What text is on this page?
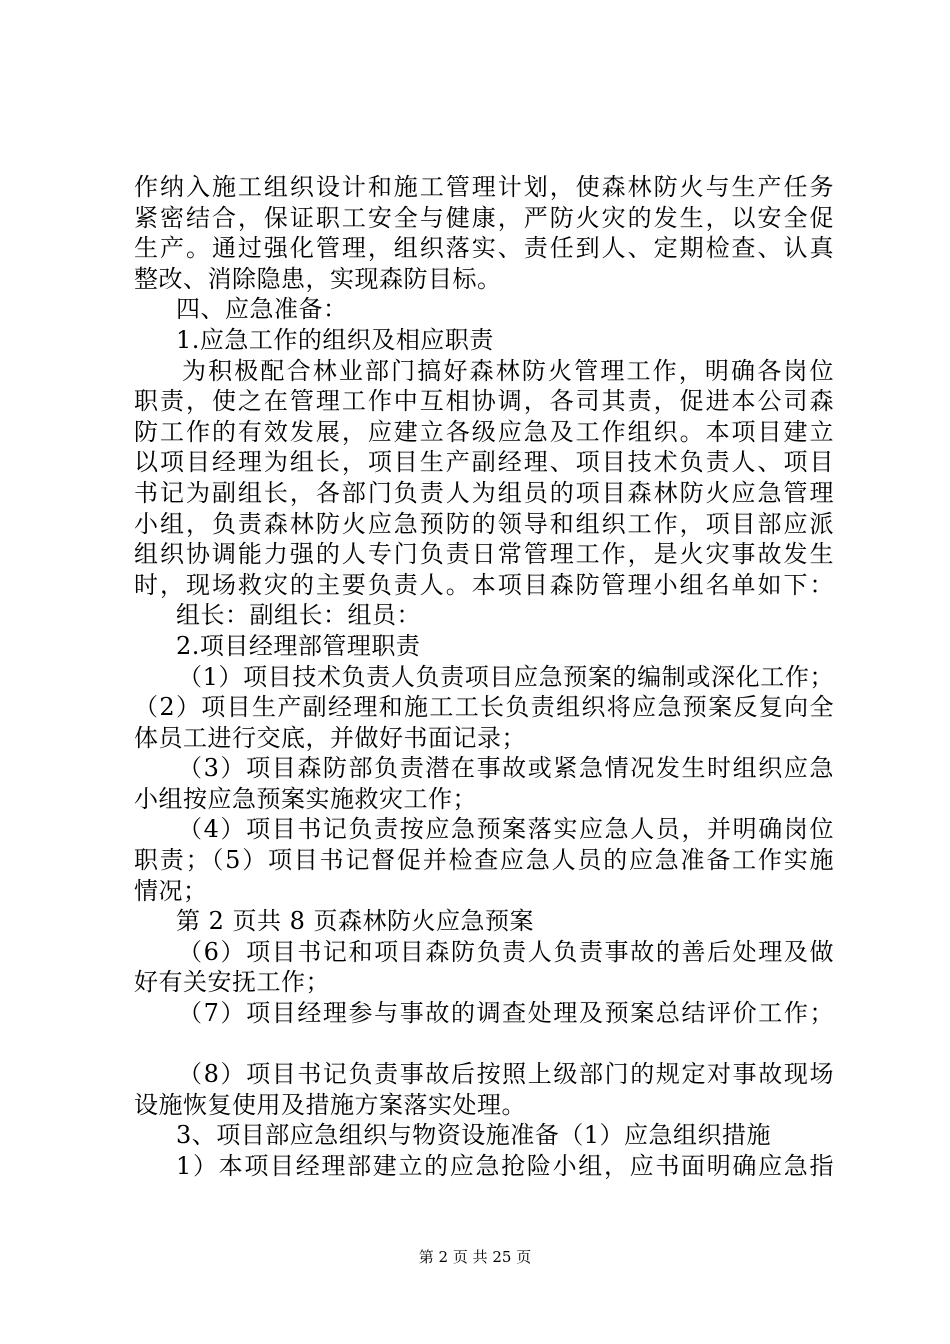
作纳入施工组织设计和施工管理计划，使森林防火与生产任务
紧密结合，保证职工安全与健康，严防火灾的发生，以安全促
生产。通过强化管理，组织落实、责任到人、定期检查、认真
整改、消除隐患，实现森防目标。
四、应急准备：
1.应急工作的组织及相应职责
为积极配合林业部门搞好森林防火管理工作，明确各岗位
职责，使之在管理工作中互相协调，各司其责，促进本公司森
防工作的有效发展，应建立各级应急及工作组织。本项目建立
以项目经理为组长，项目生产副经理、项目技术负责人、项目
书记为副组长，各部门负责人为组员的项目森林防火应急管理
小组，负责森林防火应急预防的领导和组织工作，项目部应派
组织协调能力强的人专门负责日常管理工作，是火灾事故发生
时，现场救灾的主要负责人。本项目森防管理小组名单如下：
组长：副组长：组员：
2.项目经理部管理职责
（1）项目技术负责人负责项目应急预案的编制或深化工作；
（2）项目生产副经理和施工工长负责组织将应急预案反复向全
体员工进行交底，并做好书面记录；
（3）项目森防部负责潜在事故或紧急情况发生时组织应急
小组按应急预案实施救灾工作；
（4）项目书记负责按应急预案落实应急人员，并明确岗位
职责；（5）项目书记督促并检查应急人员的应急准备工作实施
情况；
第 2 页共 8 页森林防火应急预案
（6）项目书记和项目森防负责人负责事故的善后处理及做
好有关安抚工作；
（7）项目经理参与事故的调查处理及预案总结评价工作；
（8）项目书记负责事故后按照上级部门的规定对事故现场
设施恢复使用及措施方案落实处理。
3、项目部应急组织与物资设施准备（1）应急组织措施
1）本项目经理部建立的应急抢险小组，应书面明确应急指
第 2 页 共 25 页
